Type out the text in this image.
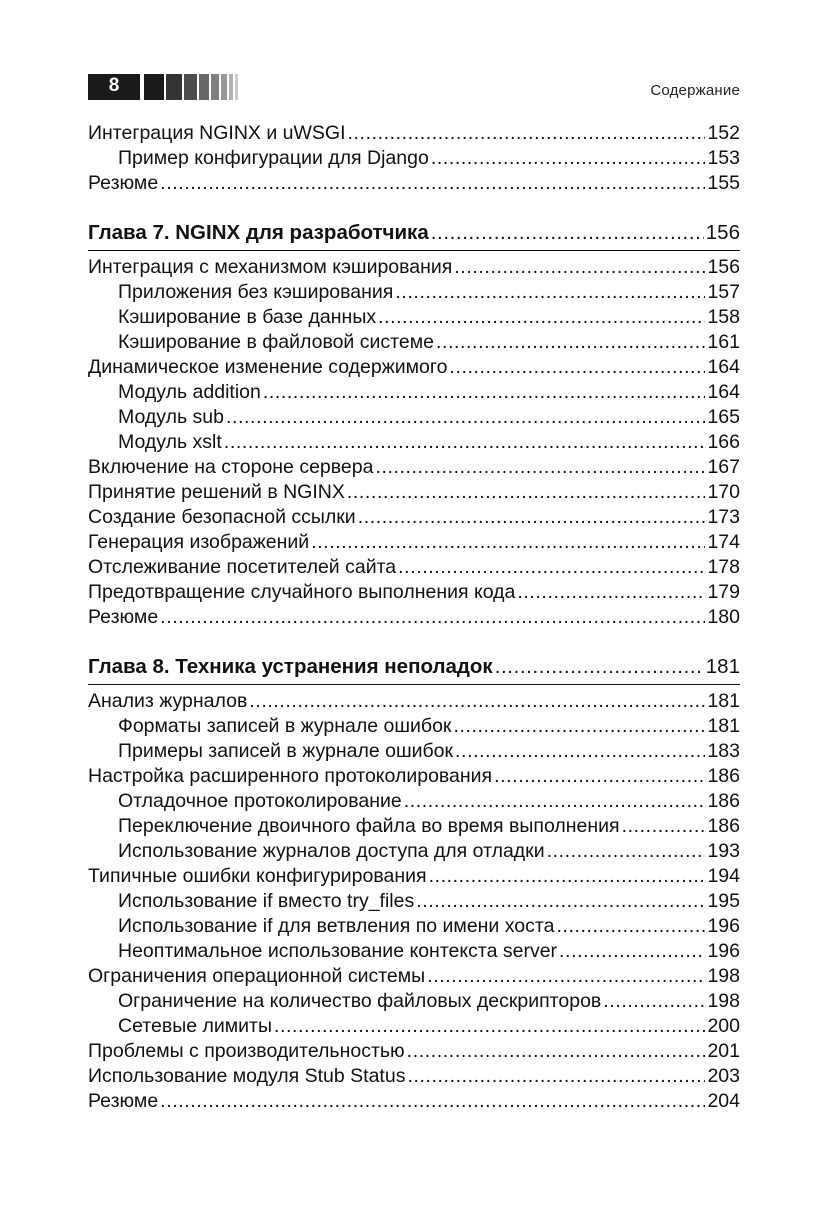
8	Содержание
Интеграция NGINX и uWSGI .....	152
Пример конфигурации для Django .....	153
Резюме .....	155
Глава 7. NGINX для разработчика .....	156
Интеграция с механизмом кэширования .....	156
Приложения без кэширования .....	157
Кэширование в базе данных .....	158
Кэширование в файловой системе .....	161
Динамическое изменение содержимого .....	164
Модуль addition .....	164
Модуль sub .....	165
Модуль xslt .....	166
Включение на стороне сервера .....	167
Принятие решений в NGINX .....	170
Создание безопасной ссылки .....	173
Генерация изображений .....	174
Отслеживание посетителей сайта .....	178
Предотвращение случайного выполнения кода .....	179
Резюме .....	180
Глава 8. Техника устранения неполадок .....	181
Анализ журналов .....	181
Форматы записей в журнале ошибок .....	181
Примеры записей в журнале ошибок .....	183
Настройка расширенного протоколирования .....	186
Отладочное протоколирование .....	186
Переключение двоичного файла во время выполнения .....	186
Использование журналов доступа для отладки .....	193
Типичные ошибки конфигурирования .....	194
Использование if вместо try_files .....	195
Использование if для ветвления по имени хоста .....	196
Неоптимальное использование контекста server .....	196
Ограничения операционной системы .....	198
Ограничение на количество файловых дескрипторов .....	198
Сетевые лимиты .....	200
Проблемы с производительностью .....	201
Использование модуля Stub Status .....	203
Резюме .....	204
